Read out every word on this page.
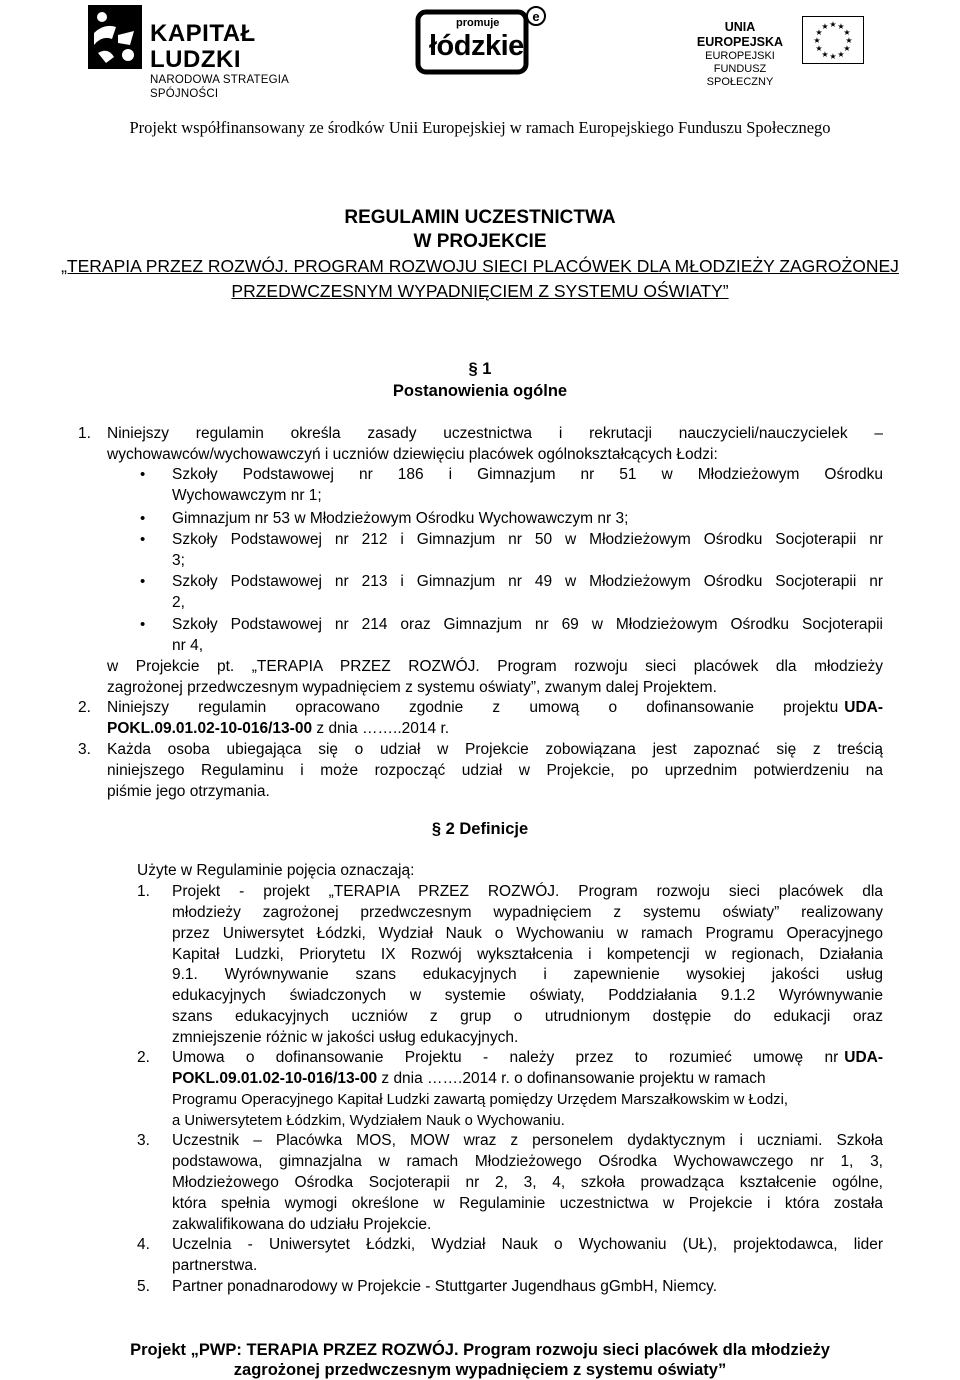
KAPITAŁ LUDZKI
NARODOWA STRATEGIA SPÓJNOŚCI
e
promuje
łódzkie
UNIA EUROPEJSKA
EUROPEJSKI
FUNDUSZ SPOŁECZNY
★ ★
★
★
★
★
★
★
★
★
★
★
Projekt współfinansowany ze środków Unii Europejskiej w ramach Europejskiego Funduszu Społecznego
REGULAMIN UCZESTNICTWA
W PROJEKCIE
„TERAPIA PRZEZ ROZWÓJ. PROGRAM ROZWOJU SIECI PLACÓWEK DLA MŁODZIEŻY ZAGROŻONEJ
PRZEDWCZESNYM WYPADNIĘCIEM Z SYSTEMU OŚWIATY”
§ 1
Postanowienia ogólne
1. Niniejszy regulamin określa zasady uczestnictwa i rekrutacji nauczycieli/nauczycielek –
wychowawców/wychowawczyń i uczniów dziewięciu placówek ogólnokształcących Łodzi:
• Szkoły Podstawowej nr 186 i Gimnazjum nr 51 w Młodzieżowym Ośrodku
Wychowawczym nr 1;
• Gimnazjum nr 53 w Młodzieżowym Ośrodku Wychowawczym nr 3;
• Szkoły Podstawowej nr 212 i Gimnazjum nr 50 w Młodzieżowym Ośrodku Socjoterapii nr
3;
• Szkoły Podstawowej nr 213 i Gimnazjum nr 49 w Młodzieżowym Ośrodku Socjoterapii nr
2,
• Szkoły Podstawowej nr 214 oraz Gimnazjum nr 69 w Młodzieżowym Ośrodku Socjoterapii
nr 4,
w Projekcie pt. „TERAPIA PRZEZ ROZWÓJ. Program rozwoju sieci placówek dla młodzieży
zagrożonej przedwczesnym wypadnięciem z systemu oświaty”, zwanym dalej Projektem.
2. Niniejszy regulamin opracowano zgodnie z umową o dofinansowanie projektu UDA-
POKL.09.01.02-10-016/13-00 z dnia ……..2014 r.
3. Każda osoba ubiegająca się o udział w Projekcie zobowiązana jest zapoznać się z treścią
niniejszego Regulaminu i może rozpocząć udział w Projekcie, po uprzednim potwierdzeniu na
piśmie jego otrzymania.
§ 2 Definicje
Użyte w Regulaminie pojęcia oznaczają:
1. Projekt - projekt „TERAPIA PRZEZ ROZWÓJ. Program rozwoju sieci placówek dla
młodzieży zagrożonej przedwczesnym wypadnięciem z systemu oświaty” realizowany
przez Uniwersytet Łódzki, Wydział Nauk o Wychowaniu w ramach Programu Operacyjnego
Kapitał Ludzki, Priorytetu IX Rozwój wykształcenia i kompetencji w regionach, Działania
9.1. Wyrównywanie szans edukacyjnych i zapewnienie wysokiej jakości usług
edukacyjnych świadczonych w systemie oświaty, Poddziałania 9.1.2 Wyrównywanie
szans edukacyjnych uczniów z grup o utrudnionym dostępie do edukacji oraz
zmniejszenie różnic w jakości usług edukacyjnych.
2. Umowa o dofinansowanie Projektu - należy przez to rozumieć umowę nr UDA-
POKL.09.01.02-10-016/13-00 z dnia …….2014 r. o dofinansowanie projektu w ramach
Programu Operacyjnego Kapitał Ludzki zawartą pomiędzy Urzędem Marszałkowskim w Łodzi,
a Uniwersytetem Łódzkim, Wydziałem Nauk o Wychowaniu.
3. Uczestnik – Placówka MOS, MOW wraz z personelem dydaktycznym i uczniami. Szkoła
podstawowa, gimnazjalna w ramach Młodzieżowego Ośrodka Wychowawczego nr 1, 3,
Młodzieżowego Ośrodka Socjoterapii nr 2, 3, 4, szkoła prowadząca kształcenie ogólne,
która spełnia wymogi określone w Regulaminie uczestnictwa w Projekcie i która została
zakwalifikowana do udziału Projekcie.
4. Uczelnia - Uniwersytet Łódzki, Wydział Nauk o Wychowaniu (UŁ), projektodawca, lider
partnerstwa.
5. Partner ponadnarodowy w Projekcie - Stuttgarter Jugendhaus gGmbH, Niemcy.
Projekt „PWP: TERAPIA PRZEZ ROZWÓJ. Program rozwoju sieci placówek dla młodzieży
zagrożonej przedwczesnym wypadnięciem z systemu oświaty”
